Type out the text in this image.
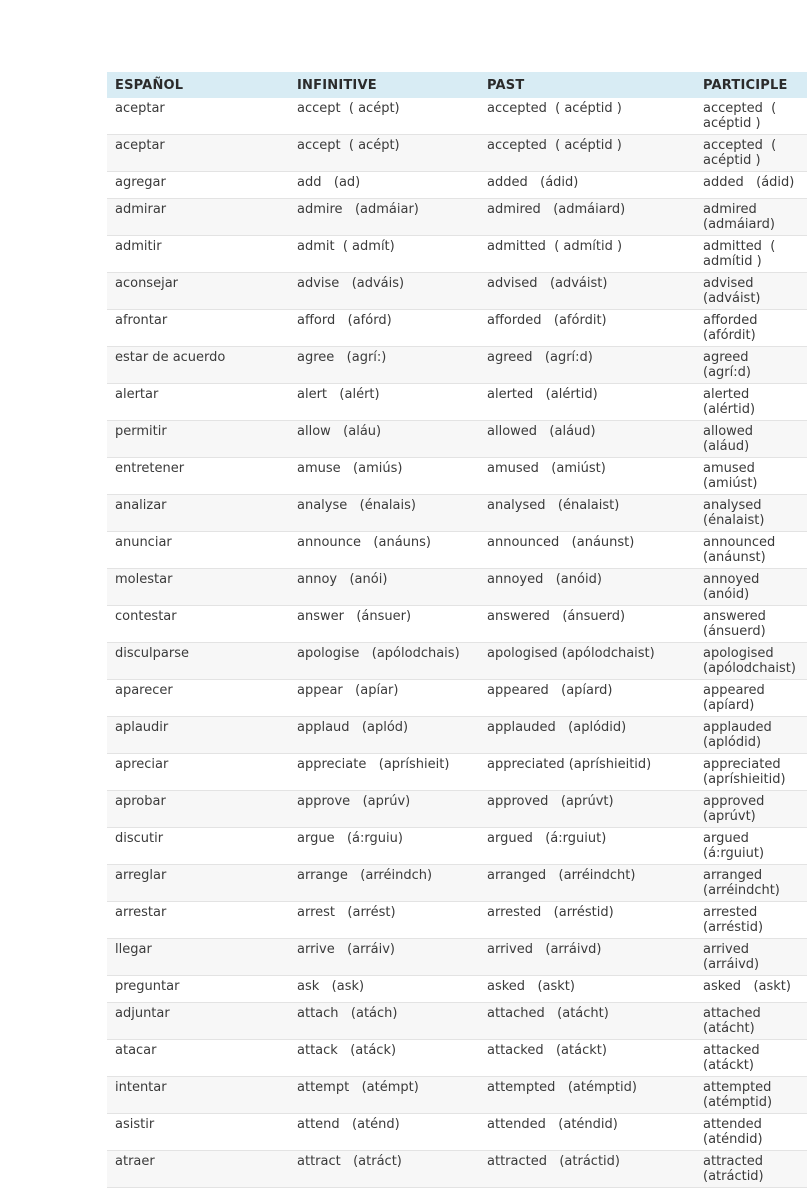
ESPAÑOL	INFINITIVE	PAST	PARTICIPLE
aceptar	accept  ( acépt)	accepted  ( acéptid )	accepted  ( acéptid )
aceptar	accept  ( acépt)	accepted  ( acéptid )	accepted  ( acéptid )
agregar	add   (ad)	added   (ádid)	added   (ádid)
admirar	admire   (admáiar)	admired   (admáiard)	admired   (admáiard)
admitir	admit  ( admít)	admitted  ( admítid )	admitted  ( admítid )
aconsejar	advise   (adváis)	advised   (adváist)	advised   (adváist)
afrontar	afford   (afórd)	afforded   (afórdit)	afforded   (afórdit)
estar de acuerdo	agree   (agrí:)	agreed   (agrí:d)	agreed   (agrí:d)
alertar	alert   (alért)	alerted   (alértid)	alerted   (alértid)
permitir	allow   (aláu)	allowed   (aláud)	allowed   (aláud)
entretener	amuse   (amiús)	amused   (amiúst)	amused   (amiúst)
analizar	analyse   (énalais)	analysed   (énalaist)	analysed   (énalaist)
anunciar	announce   (anáuns)	announced   (anáunst)	announced   (anáunst)
molestar	annoy   (anói)	annoyed   (anóid)	annoyed   (anóid)
contestar	answer   (ánsuer)	answered   (ánsuerd)	answered   (ánsuerd)
disculparse	apologise   (apólodchais)	apologised (apólodchaist)	apologised (apólodchaist)
aparecer	appear   (apíar)	appeared   (apíard)	appeared   (apíard)
aplaudir	applaud   (aplód)	applauded   (aplódid)	applauded   (aplódid)
apreciar	appreciate   (apríshieit)	appreciated (apríshieitid)	appreciated (apríshieitid)
aprobar	approve   (aprúv)	approved   (aprúvt)	approved   (aprúvt)
discutir	argue   (á:rguiu)	argued   (á:rguiut)	argued   (á:rguiut)
arreglar	arrange   (arréindch)	arranged   (arréindcht)	arranged   (arréindcht)
arrestar	arrest   (arrést)	arrested   (arréstid)	arrested   (arréstid)
llegar	arrive   (arráiv)	arrived   (arráivd)	arrived   (arráivd)
preguntar	ask   (ask)	asked   (askt)	asked   (askt)
adjuntar	attach   (atách)	attached   (atácht)	attached   (atácht)
atacar	attack   (atáck)	attacked   (atáckt)	attacked   (atáckt)
intentar	attempt   (atémpt)	attempted   (atémptid)	attempted   (atémptid)
asistir	attend   (aténd)	attended   (aténdid)	attended   (aténdid)
atraer	attract   (atráct)	attracted   (atráctid)	attracted   (atráctid)
